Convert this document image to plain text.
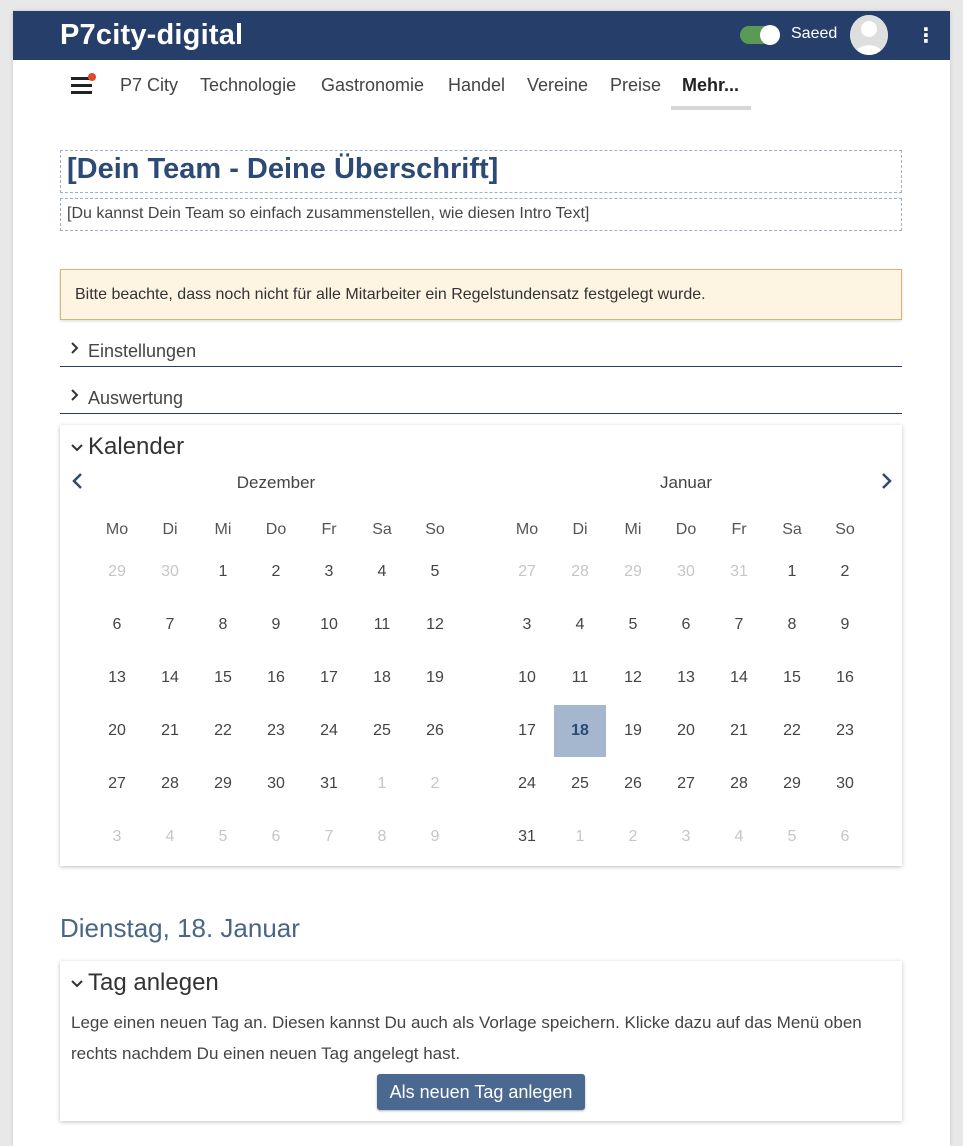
P7city-digital	Saeed	⋮
P7 City Technologie Gastronomie Handel Vereine Preise Mehr...
[Dein Team - Deine Überschrift]

[Du kannst Dein Team so einfach zusammenstellen, wie diesen Intro Text]

Bitte beachte, dass noch nicht für alle Mitarbeiter ein Regelstundensatz festgelegt wurde.

Einstellungen
Auswertung
Kalender
Dezember	Januar
Mo	Di	Mi	Do	Fr	Sa	So
29	30	1	2	3	4	5
6	7	8	9	10	11	12
13	14	15	16	17	18	19
20	21	22	23	24	25	26
27	28	29	30	31	1	2
3	4	5	6	7	8	9
Mo	Di	Mi	Do	Fr	Sa	So
27	28	29	30	31	1	2
3	4	5	6	7	8	9
10	11	12	13	14	15	16
17	18	19	20	21	22	23
24	25	26	27	28	29	30
31	1	2	3	4	5	6
Dienstag, 18. Januar
Tag anlegen

Lege einen neuen Tag an. Diesen kannst Du auch als Vorlage speichern. Klicke dazu auf das Menü oben rechts nachdem Du einen neuen Tag angelegt hast.

Als neuen Tag anlegen
